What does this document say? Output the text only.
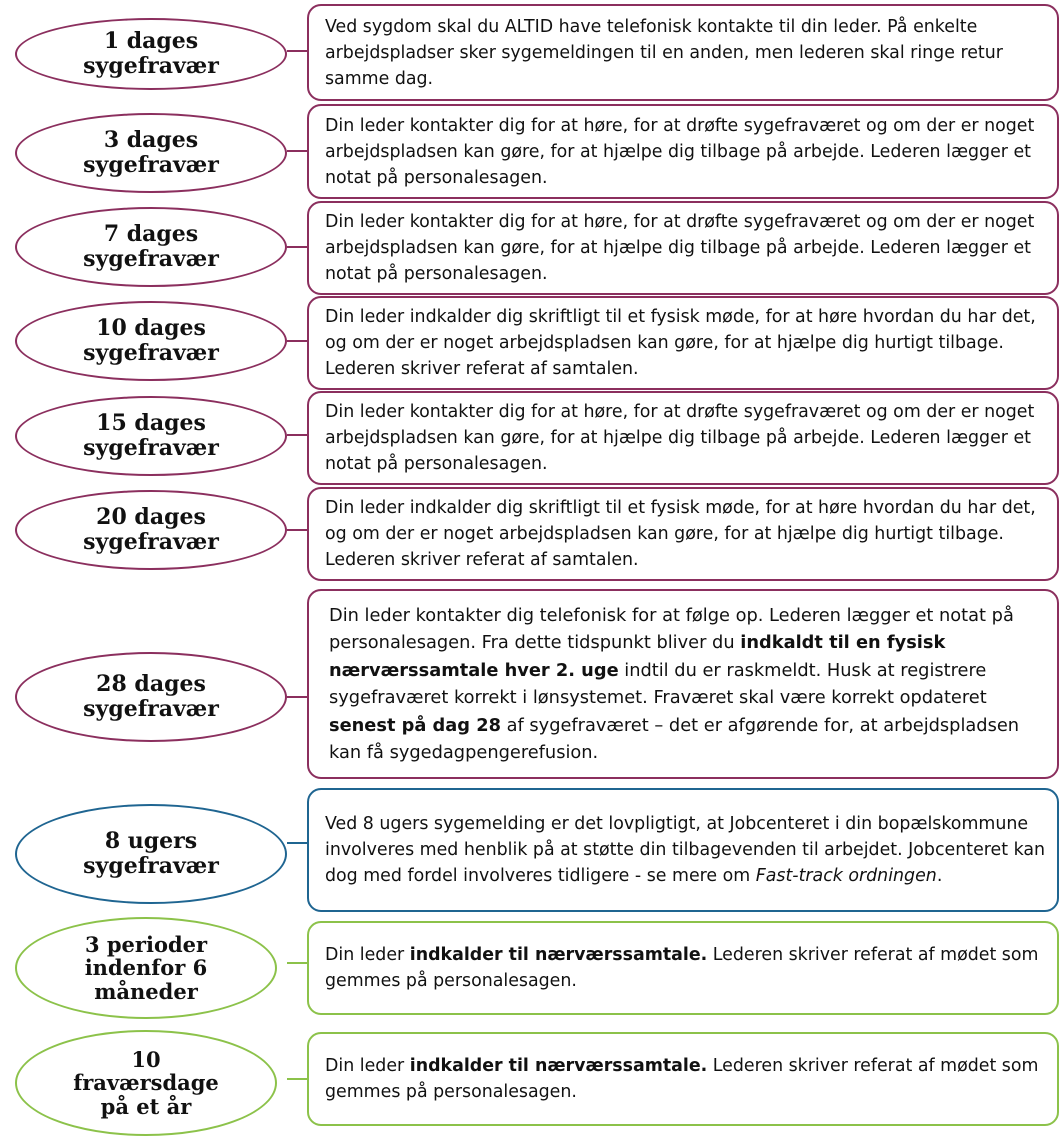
1 dages
sygefravær
Ved sygdom skal du ALTID have telefonisk kontakte til din leder. På enkelte arbejdspladser sker sygemeldingen til en anden, men lederen skal ringe retur samme dag.
3 dages
sygefravær
Din leder kontakter dig for at høre, for at drøfte sygefraværet og om der er noget arbejdspladsen kan gøre, for at hjælpe dig tilbage på arbejde. Lederen lægger et notat på personalesagen.
7 dages
sygefravær
Din leder kontakter dig for at høre, for at drøfte sygefraværet og om der er noget arbejdspladsen kan gøre, for at hjælpe dig tilbage på arbejde. Lederen lægger et notat på personalesagen.
10 dages
sygefravær
Din leder indkalder dig skriftligt til et fysisk møde, for at høre hvordan du har det, og om der er noget arbejdspladsen kan gøre, for at hjælpe dig hurtigt tilbage. Lederen skriver referat af samtalen.
15 dages
sygefravær
Din leder kontakter dig for at høre, for at drøfte sygefraværet og om der er noget arbejdspladsen kan gøre, for at hjælpe dig tilbage på arbejde. Lederen lægger et notat på personalesagen.
20 dages
sygefravær
Din leder indkalder dig skriftligt til et fysisk møde, for at høre hvordan du har det, og om der er noget arbejdspladsen kan gøre, for at hjælpe dig hurtigt tilbage. Lederen skriver referat af samtalen.
28 dages
sygefravær
Din leder kontakter dig telefonisk for at følge op. Lederen lægger et notat på personalesagen. Fra dette tidspunkt bliver du indkaldt til en fysisk nærværssamtale hver 2. uge indtil du er raskmeldt. Husk at registrere sygefraværet korrekt i lønsystemet. Fraværet skal være korrekt opdateret senest på dag 28 af sygefraværet – det er afgørende for, at arbejdspladsen kan få sygedagpengerefusion.
8 ugers
sygefravær
Ved 8 ugers sygemelding er det lovpligtigt, at Jobcenteret i din bopælskommune involveres med henblik på at støtte din tilbagevenden til arbejdet. Jobcenteret kan dog med fordel involveres tidligere - se mere om Fast-track ordningen.
3 perioder
indenfor 6
måneder
Din leder indkalder til nærværssamtale. Lederen skriver referat af mødet som gemmes på personalesagen.
10
fraværsdage
på et år
Din leder indkalder til nærværssamtale. Lederen skriver referat af mødet som gemmes på personalesagen.
